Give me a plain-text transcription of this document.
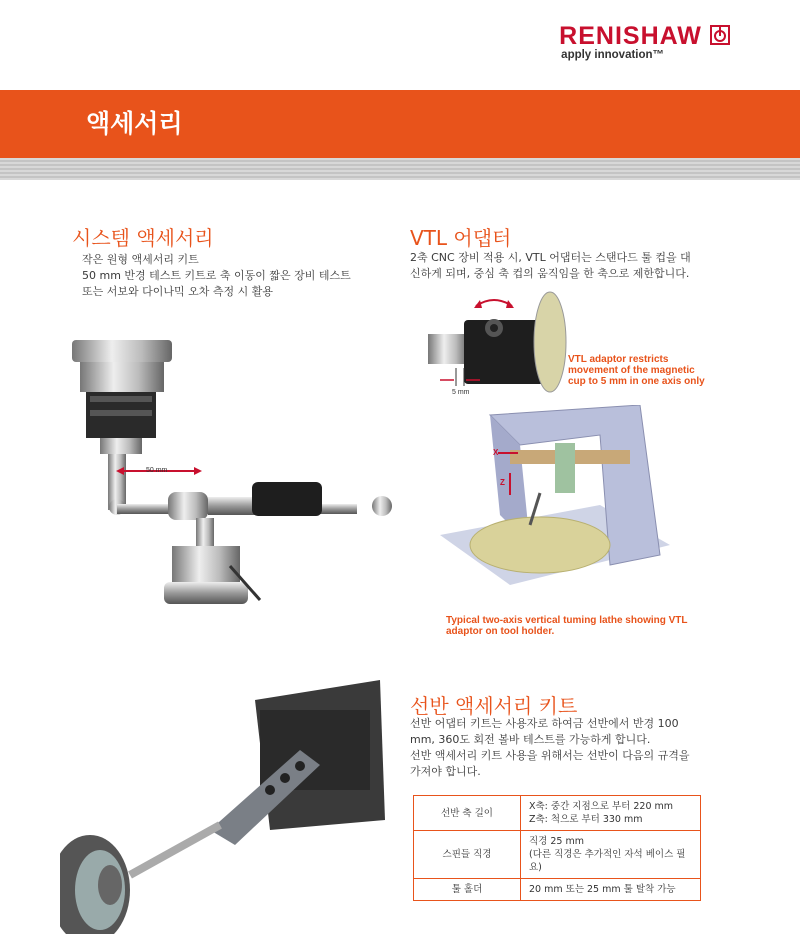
RENISHAW
apply innovation™
액세서리
시스템 액세서리
작은 원형 액세서리 키트
50 mm 반경 테스트 키트로 축 이동이 짧은 장비 테스트
또는 서보와 다이나믹 오차 측정 시 활용
50 mm
VTL 어댑터
2축 CNC 장비 적용 시, VTL 어댑터는 스탠다드 툴 컵을 대
신하게 되며, 중심 축 컵의 움직임을 한 축으로 제한합니다.
5 mm
VTL adaptor restricts
movement of the magnetic
cup to 5 mm in one axis only
X
Z
Typical two-axis vertical tuming lathe showing VTL
adaptor on tool holder.
선반 액세서리 키트
선반 어댑터 키트는 사용자로 하여금 선반에서 반경 100
mm, 360도 회전 볼바 테스트를 가능하게 합니다.
선반 액세서리 키트 사용을 위해서는 선반이 다음의 규격을
가져야 합니다.
선반 축 길이	X축: 중간 지점으로 부터 220 mm
Z축: 척으로 부터 330 mm

스핀들 직경	직경 25 mm
(다른 직경은 추가적인 자석 베이스 필요)

툴 홀더	20 mm 또는 25 mm 툴 탈착 가능
